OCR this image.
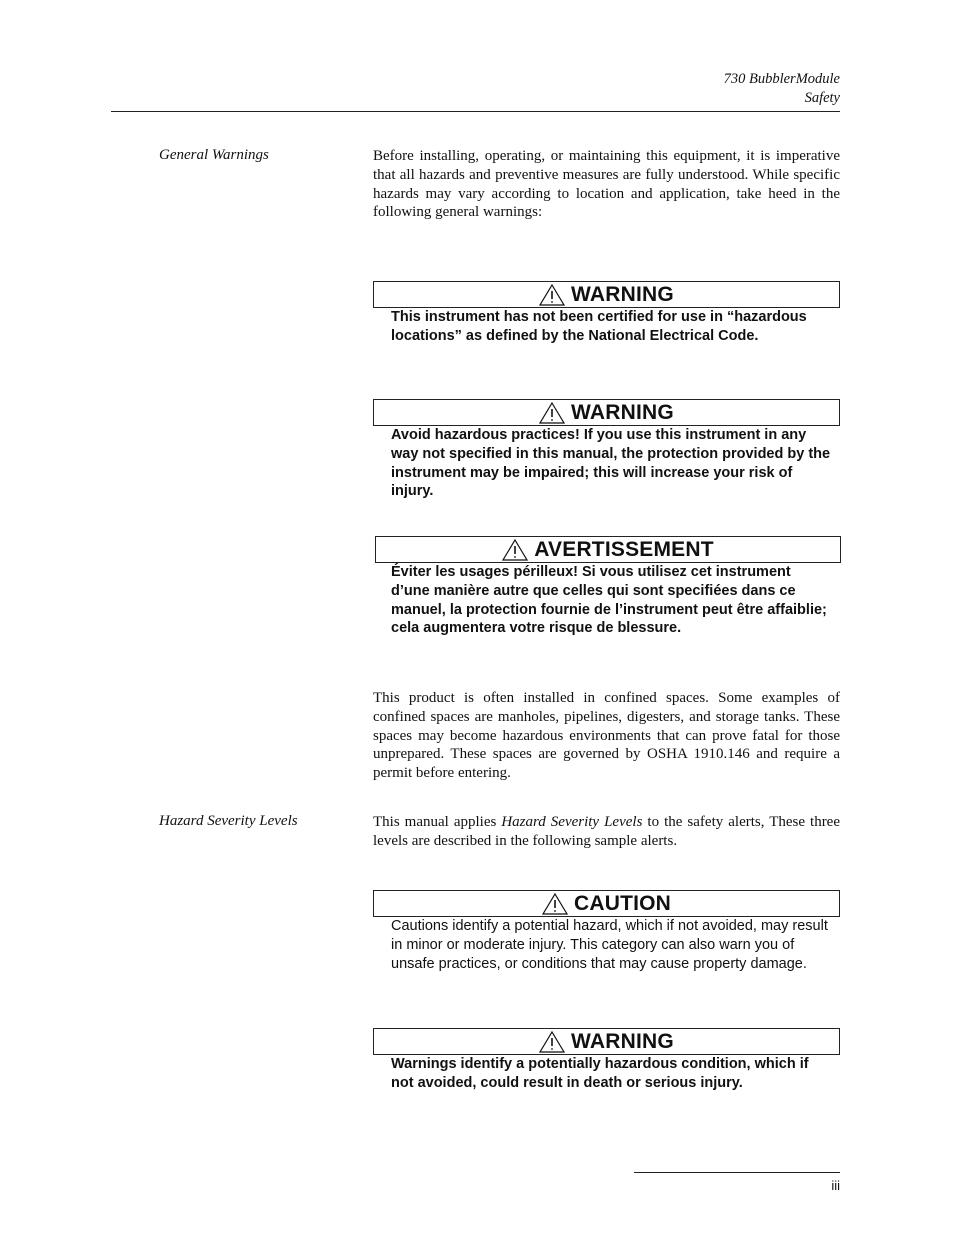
730 BubblerModule
Safety
General Warnings	Before installing, operating, or maintaining this equipment, it is imperative that all hazards and preventive measures are fully understood. While specific hazards may vary according to location and application, take heed in the following general warnings:
WARNING
This instrument has not been certified for use in “hazardous locations” as defined by the National Electrical Code.
WARNING
Avoid hazardous practices! If you use this instrument in any way not specified in this manual, the protection provided by the instrument may be impaired; this will increase your risk of injury.
AVERTISSEMENT
Éviter les usages périlleux! Si vous utilisez cet instrument d’une manière autre que celles qui sont specifiées dans ce manuel, la protection fournie de l’instrument peut être affaiblie; cela augmentera votre risque de blessure.
This product is often installed in confined spaces. Some examples of confined spaces are manholes, pipelines, digesters, and storage tanks. These spaces may become hazardous environments that can prove fatal for those unprepared. These spaces are governed by OSHA 1910.146 and require a permit before entering.
Hazard Severity Levels	This manual applies Hazard Severity Levels to the safety alerts, These three levels are described in the following sample alerts.
CAUTION
Cautions identify a potential hazard, which if not avoided, may result in minor or moderate injury. This category can also warn you of unsafe practices, or conditions that may cause property damage.
WARNING
Warnings identify a potentially hazardous condition, which if not avoided, could result in death or serious injury.
iii
